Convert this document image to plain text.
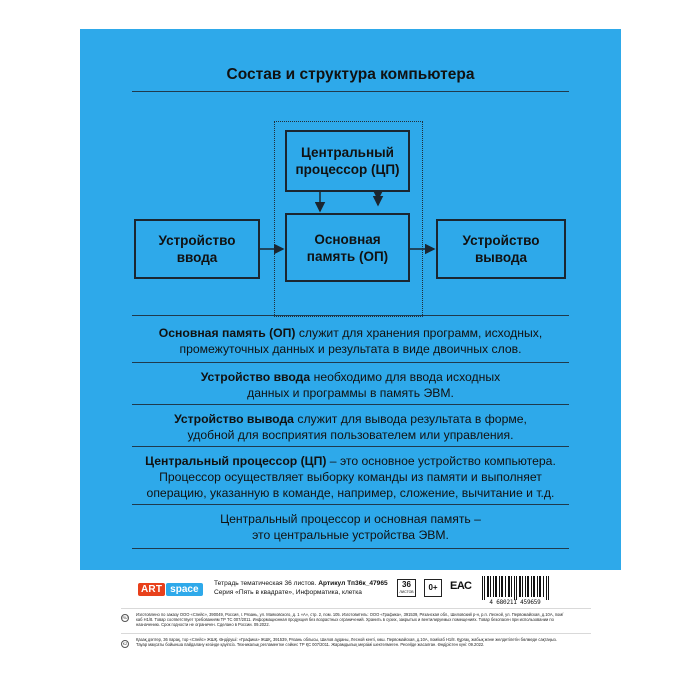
Состав и структура компьютера
Центральный
процессор (ЦП)
Основная
память (ОП)
Устройство
ввода
Устройство
вывода
Основная память (ОП) служит для хранения программ, исходных,
промежуточных данных и результата в виде двоичных слов.
Устройство ввода необходимо для ввода исходных
данных и программы в память ЭВМ.
Устройство вывода служит для вывода результата в форме,
удобной для восприятия пользователем или управления.
Центральный процессор (ЦП) – это основное устройство компьютера.
Процессор осуществляет выборку команды из памяти и выполняет
операцию, указанную в команде, например, сложение, вычитание и т.д.
Центральный процессор и основная память –
это центральные устройства ЭВМ.
ART space
Тетрадь тематическая 36 листов. Артикул Тп36к_47965
Серия «Пять в квадрате», Информатика, клетка
36
ЛИСТОВ	0+	ЕАС
4 680211 459659
RU
Изготовлено по заказу ООО «Спейс», 390049, Россия, г. Рязань, ул. Маяковского, д. 1 «А», стр. 2, пом. 105. Изготовитель: ООО «Графика», 391539, Рязанская обл., Шиловский р-н, р.п. Лесной, ул. Первомайская, д.10А, пом/каб Н1/8. Товар соответствует требованиям ТР ТС 007/2011. Информационная продукция без возрастных ограничений. Хранить в сухих, закрытых и вентилируемых помещениях. Товар безопасен при использовании по назначению. Срок годности не ограничен. Сделано в России. 09.2022.
KZ
Қазақ дәптер, 36 парақ, тор «Спейс» ЖШҚ. Өндіруші: «Графика» ЖШҚ, 391539, Рязань облысы, Шилов ауданы, Лесной кенті, көш. Первомайская, д.10А, пом/каб Н1/8. Құрғақ, жабық және желдетілетін бөлмеде сақтаңыз. Тауар мақсаты бойынша пайдалану кезінде қауіпсіз. Техникалық регламентке сәйкес ТР ҚС 007/2011. Жарамдылық мерзімі шектелмеген. Ресейде жасалған. Өндірістен күні: 09.2022.
